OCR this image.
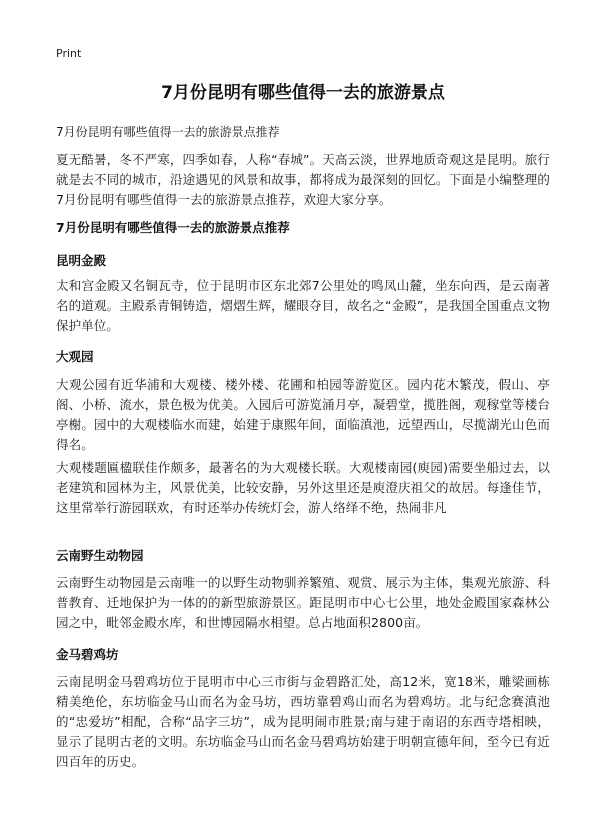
Print
7月份昆明有哪些值得一去的旅游景点

7月份昆明有哪些值得一去的旅游景点推荐

夏无酷暑，冬不严寒，四季如春，人称“春城”。天高云淡，世界地质奇观这是昆明。旅行就是去不同的城市，沿途遇见的风景和故事，都将成为最深刻的回忆。下面是小编整理的7月份昆明有哪些值得一去的旅游景点推荐，欢迎大家分享。

7月份昆明有哪些值得一去的旅游景点推荐
昆明金殿

太和宫金殿又名铜瓦寺，位于昆明市区东北郊7公里处的鸣凤山麓，坐东向西，是云南著名的道观。主殿系青铜铸造，熠熠生辉，耀眼夺目，故名之“金殿”，是我国全国重点文物保护单位。

大观园

大观公园有近华浦和大观楼、楼外楼、花圃和柏园等游览区。园内花木繁茂，假山、亭阁、小桥、流水，景色极为优美。入园后可游览涌月亭，凝碧堂，揽胜阁，观稼堂等楼台亭榭。园中的大观楼临水而建，始建于康熙年间，面临滇池，远望西山，尽揽湖光山色而得名。

大观楼题匾楹联佳作颇多，最著名的为大观楼长联。大观楼南园(庾园)需要坐船过去，以老建筑和园林为主，风景优美，比较安静，另外这里还是庾澄庆祖父的故居。每逢佳节，这里常举行游园联欢，有时还举办传统灯会，游人络绎不绝，热闹非凡

云南野生动物园

云南野生动物园是云南唯一的以野生动物驯养繁殖、观赏、展示为主体，集观光旅游、科普教育、迁地保护为一体的的新型旅游景区。距昆明市中心七公里，地处金殿国家森林公园之中，毗邻金殿水库，和世博园隔水相望。总占地面积2800亩。

金马碧鸡坊

云南昆明金马碧鸡坊位于昆明市中心三市街与金碧路汇处，高12米，宽18米，雕梁画栋精美绝伦，东坊临金马山而名为金马坊，西坊靠碧鸡山而名为碧鸡坊。北与纪念赛滇池的“忠爱坊”相配，合称“品字三坊”，成为昆明闹市胜景;南与建于南诏的东西寺塔相映，显示了昆明古老的文明。东坊临金马山而名金马碧鸡坊始建于明朝宣德年间，至今已有近四百年的历史。
